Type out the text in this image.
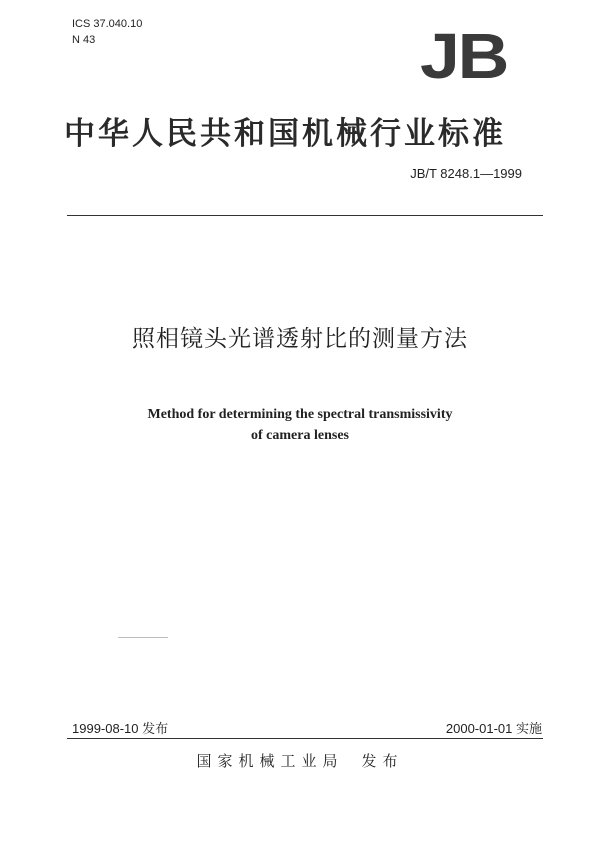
ICS 37.040.10
N 43	JB
中华人民共和国机械行业标准
JB/T 8248.1—1999
照相镜头光谱透射比的测量方法
Method for determining the spectral transmissivity
of camera lenses
1999-08-10 发布	2000-01-01 实施
国家机械工业局 发布
